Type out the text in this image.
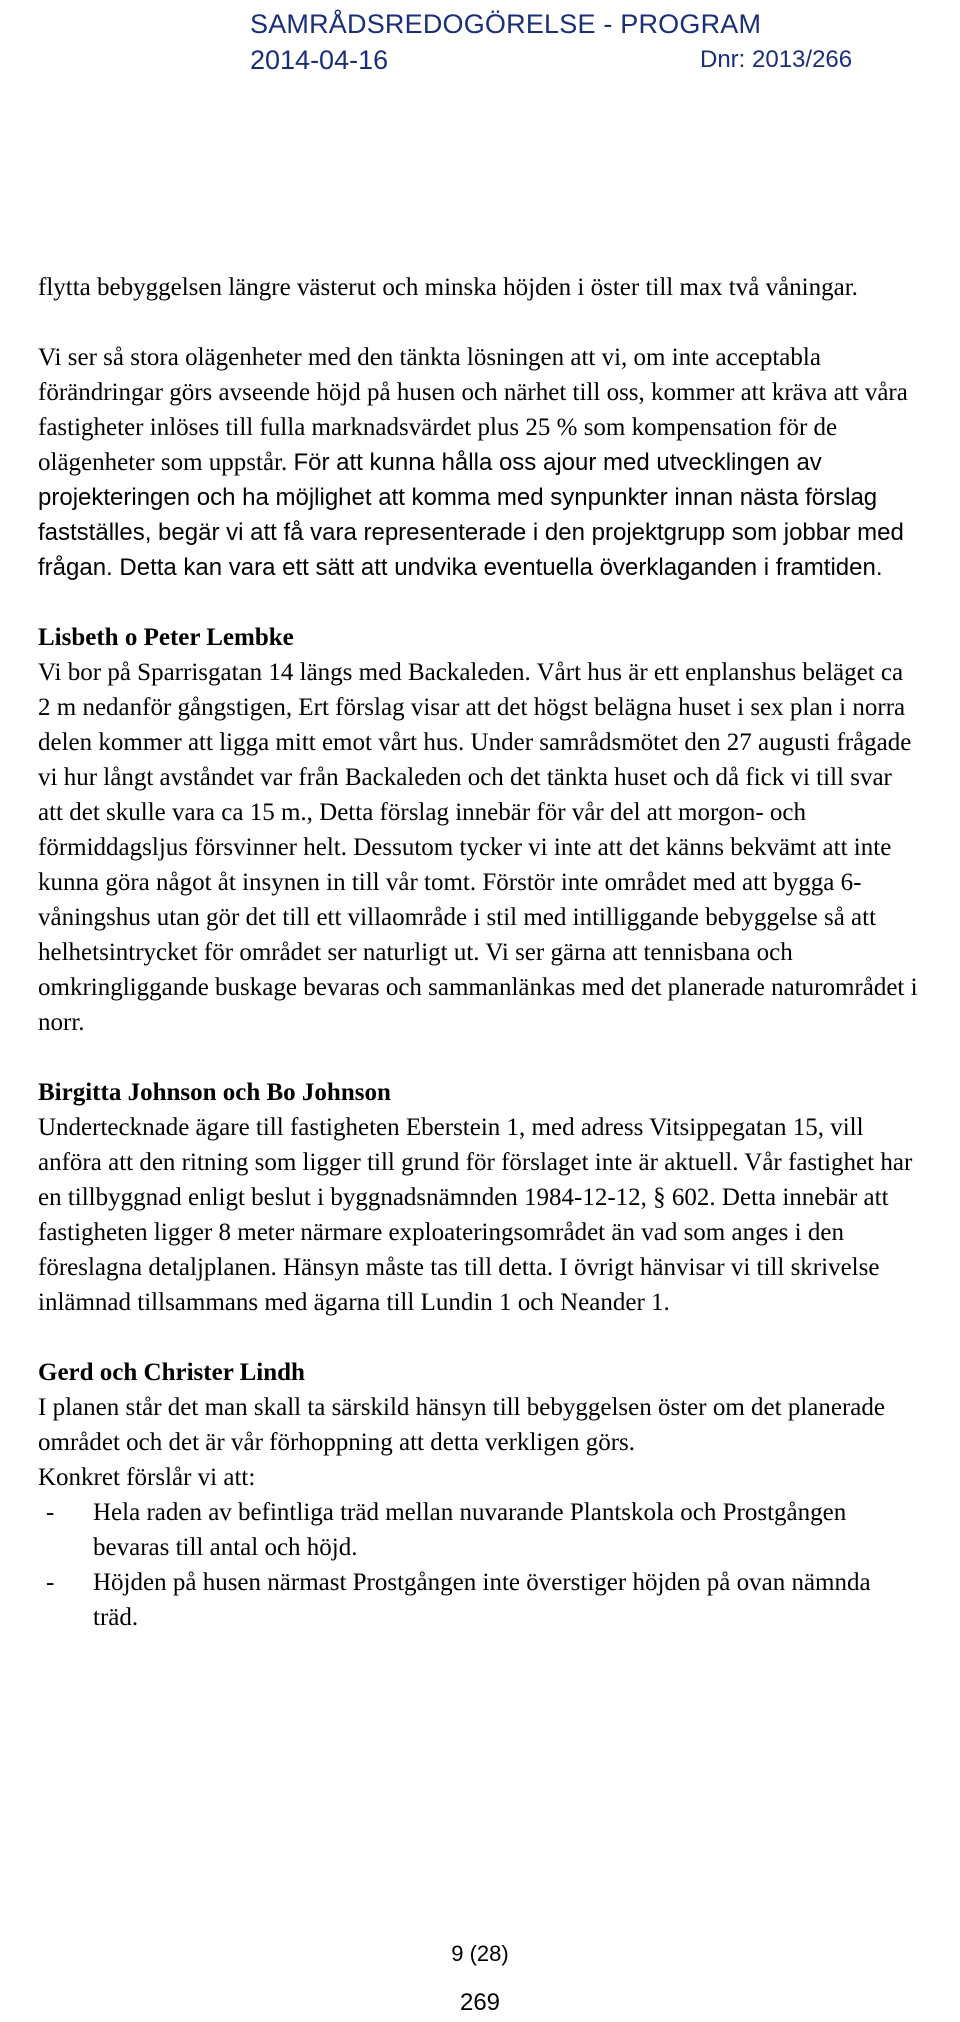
SAMRÅDSREDOGÖRELSE - PROGRAM
2014-04-16	Dnr: 2013/266

flytta bebyggelsen längre västerut och minska höjden i öster till max två våningar.

Vi ser så stora olägenheter med den tänkta lösningen att vi, om inte acceptabla förändringar görs avseende höjd på husen och närhet till oss, kommer att kräva att våra fastigheter inlöses till fulla marknadsvärdet plus 25 % som kompensation för de olägenheter som uppstår. För att kunna hålla oss ajour med utvecklingen av projekteringen och ha möjlighet att komma med synpunkter innan nästa förslag fastställes, begär vi att få vara representerade i den projektgrupp som jobbar med frågan. Detta kan vara ett sätt att undvika eventuella överklaganden i framtiden.

Lisbeth o Peter Lembke

Vi bor på Sparrisgatan 14 längs med Backaleden. Vårt hus är ett enplanshus beläget ca 2 m nedanför gångstigen, Ert förslag visar att det högst belägna huset i sex plan i norra delen kommer att ligga mitt emot vårt hus. Under samrådsmötet den 27 augusti frågade vi hur långt avståndet var från Backaleden och det tänkta huset och då fick vi till svar att det skulle vara ca 15 m., Detta förslag innebär för vår del att morgon- och förmiddagsljus försvinner helt. Dessutom tycker vi inte att det känns bekvämt att inte kunna göra något åt insynen in till vår tomt. Förstör inte området med att bygga 6-våningshus utan gör det till ett villaområde i stil med intilliggande bebyggelse så att helhetsintrycket för området ser naturligt ut. Vi ser gärna att tennisbana och omkringliggande buskage bevaras och sammanlänkas med det planerade naturområdet i norr.

Birgitta Johnson och Bo Johnson

Undertecknade ägare till fastigheten Eberstein 1, med adress Vitsippegatan 15, vill anföra att den ritning som ligger till grund för förslaget inte är aktuell. Vår fastighet har en tillbyggnad enligt beslut i byggnadsnämnden 1984-12-12, § 602. Detta innebär att fastigheten ligger 8 meter närmare exploateringsområdet än vad som anges i den föreslagna detaljplanen. Hänsyn måste tas till detta. I övrigt hänvisar vi till skrivelse inlämnad tillsammans med ägarna till Lundin 1 och Neander 1.

Gerd och Christer Lindh

I planen står det man skall ta särskild hänsyn till bebyggelsen öster om det planerade området och det är vår förhoppning att detta verkligen görs.

Konkret förslår vi att:

- Hela raden av befintliga träd mellan nuvarande Plantskola och Prostgången bevaras till antal och höjd.
- Höjden på husen närmast Prostgången inte överstiger höjden på ovan nämnda träd.
9 (28)
269
